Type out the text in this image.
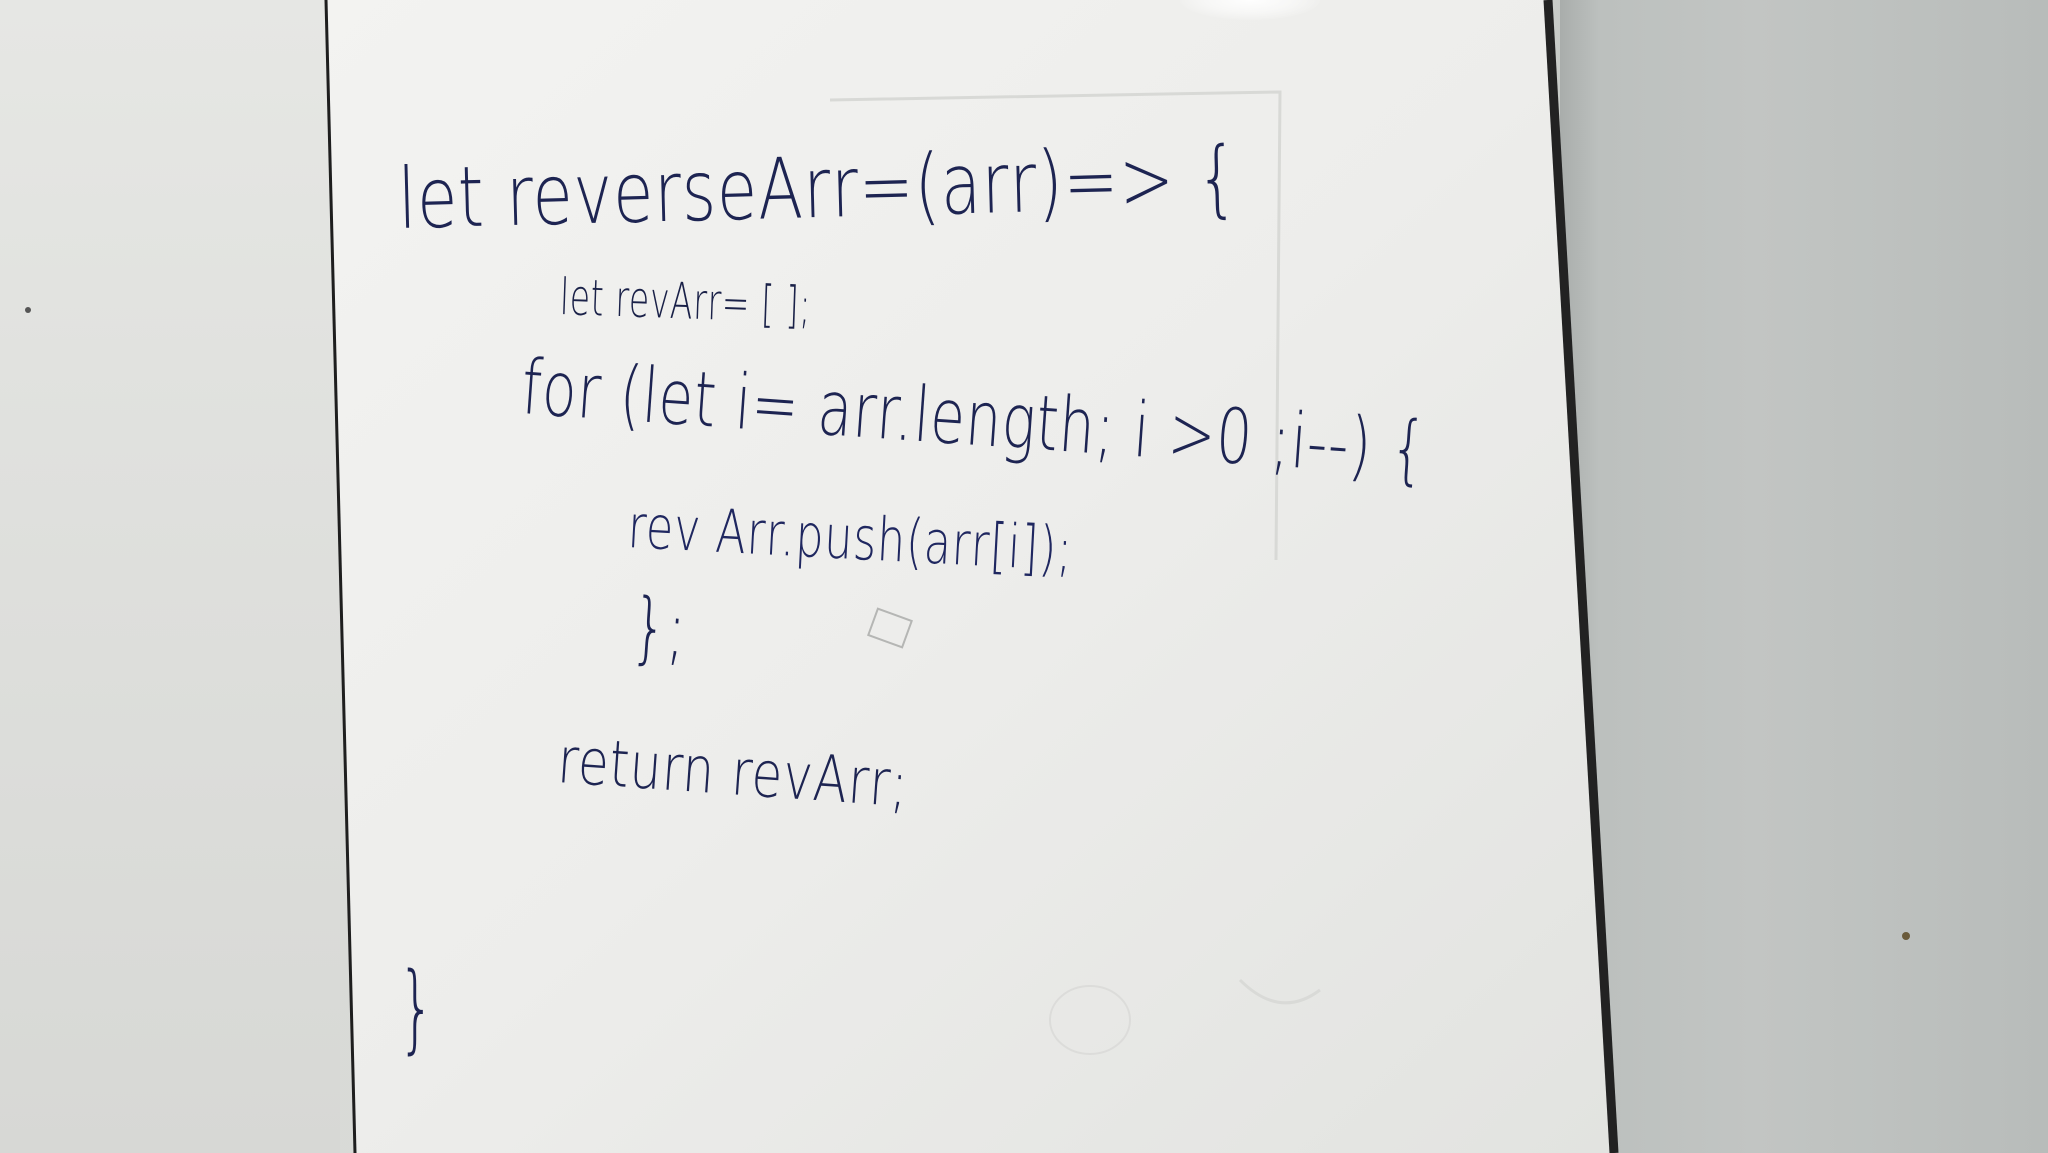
let reverseArr=(arr)=> {
let revArr= [ ];
for (let i= arr.length; i >0 ;i--) {
rev Arr.push(arr[i]);
};
return revArr;
}
